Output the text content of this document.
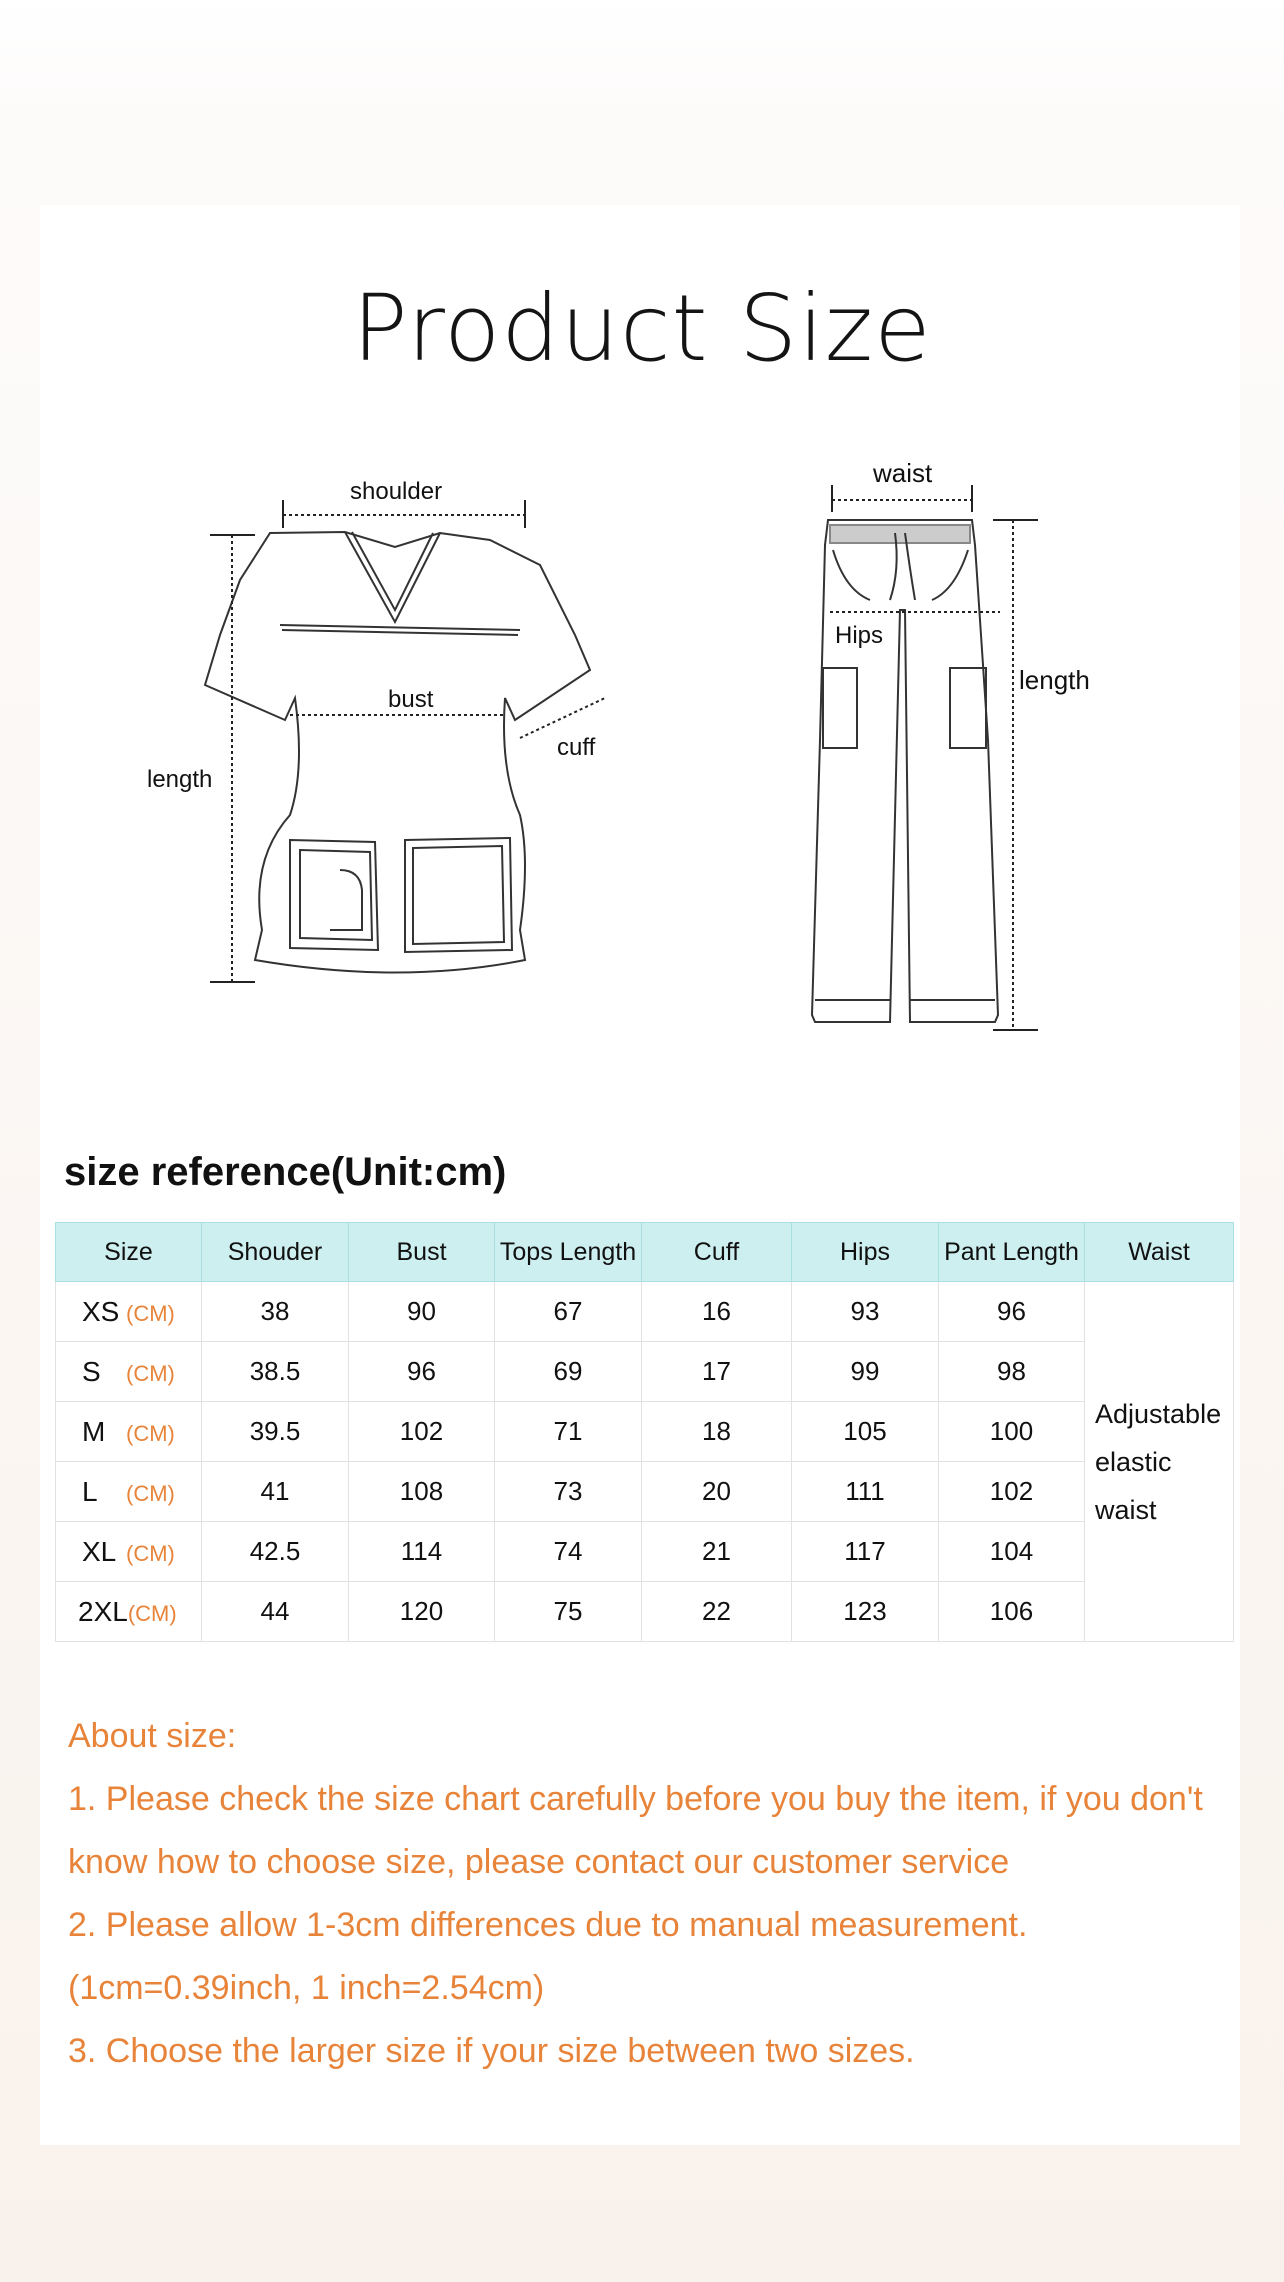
Product Size
shoulder
bust
cuff
length
waist
Hips
length
size reference(Unit:cm)
Size	Shouder	Bust	Tops Length	Cuff	Hips	Pant Length	Waist
XS (CM)	38	90	67	16	93	96	Adjustable
elastic
waist
S (CM)	38.5	96	69	17	99	98	
M (CM)	39.5	102	71	18	105	100	
L (CM)	41	108	73	20	111	102	
XL (CM)	42.5	114	74	21	117	104	
2XL(CM)	44	120	75	22	123	106	

About size:

1. Please check the size chart carefully before you buy the item, if you don't know how to choose size, please contact our customer service

2. Please allow 1-3cm differences due to manual measurement. (1cm=0.39inch, 1 inch=2.54cm)

3. Choose the larger size if your size between two sizes.
